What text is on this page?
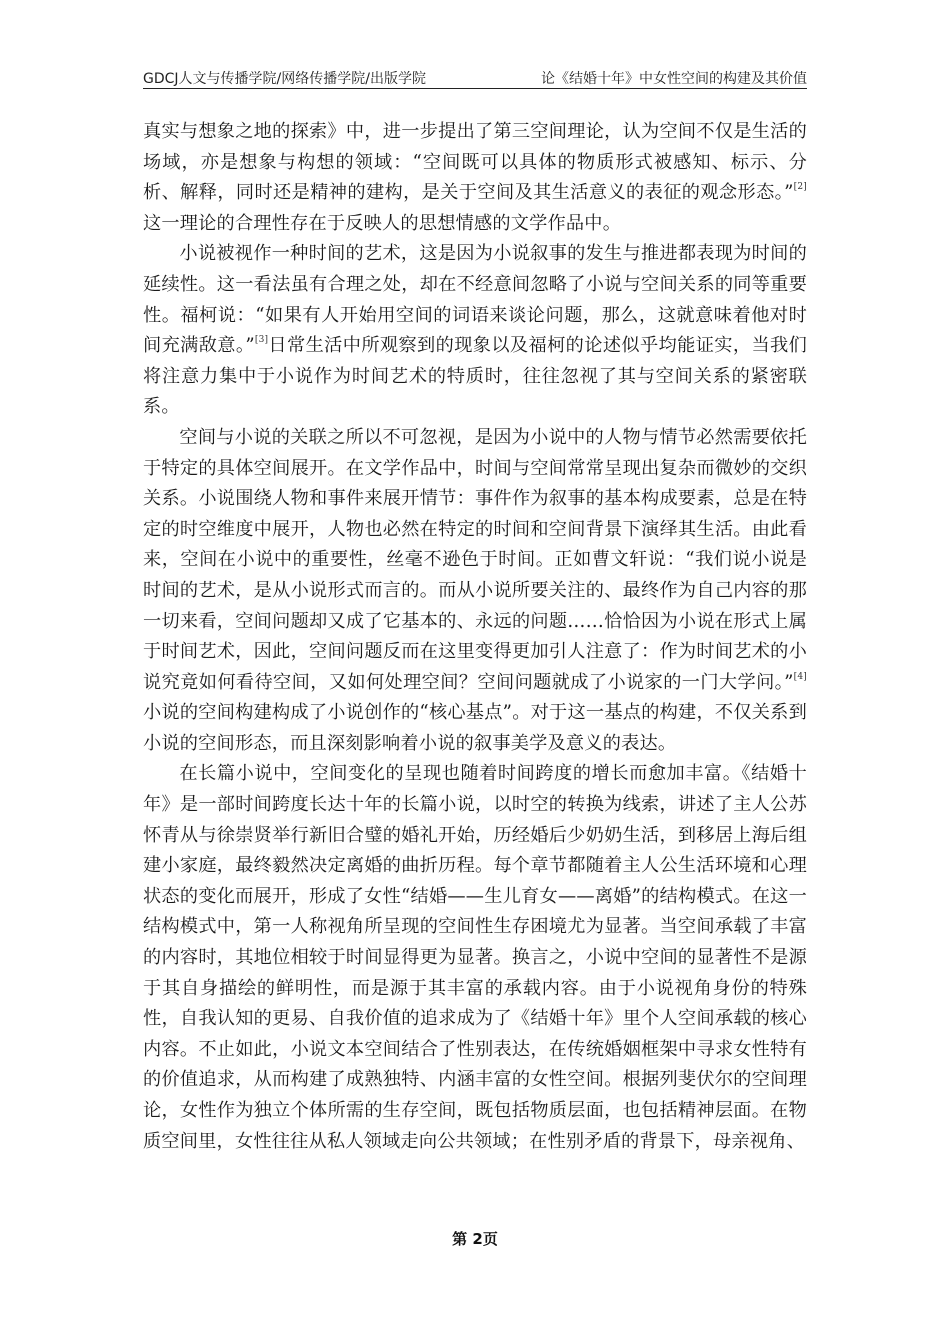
GDCJ人文与传播学院/网络传播学院/出版学院	论《结婚十年》中女性空间的构建及其价值

真实与想象之地的探索》中，进一步提出了第三空间理论，认为空间不仅是生活的场域，亦是想象与构想的领域：“空间既可以具体的物质形式被感知、标示、分析、解释，同时还是精神的建构，是关于空间及其生活意义的表征的观念形态。”[2]这一理论的合理性存在于反映人的思想情感的文学作品中。

小说被视作一种时间的艺术，这是因为小说叙事的发生与推进都表现为时间的延续性。这一看法虽有合理之处，却在不经意间忽略了小说与空间关系的同等重要性。福柯说：“如果有人开始用空间的词语来谈论问题，那么，这就意味着他对时间充满敌意。”[3]日常生活中所观察到的现象以及福柯的论述似乎均能证实，当我们将注意力集中于小说作为时间艺术的特质时，往往忽视了其与空间关系的紧密联系。

空间与小说的关联之所以不可忽视，是因为小说中的人物与情节必然需要依托于特定的具体空间展开。在文学作品中，时间与空间常常呈现出复杂而微妙的交织关系。小说围绕人物和事件来展开情节：事件作为叙事的基本构成要素，总是在特定的时空维度中展开，人物也必然在特定的时间和空间背景下演绎其生活。由此看来，空间在小说中的重要性，丝毫不逊色于时间。正如曹文轩说：“我们说小说是时间的艺术，是从小说形式而言的。而从小说所要关注的、最终作为自己内容的那一切来看，空间问题却又成了它基本的、永远的问题……恰恰因为小说在形式上属于时间艺术，因此，空间问题反而在这里变得更加引人注意了：作为时间艺术的小说究竟如何看待空间，又如何处理空间？空间问题就成了小说家的一门大学问。”[4]小说的空间构建构成了小说创作的“核心基点”。对于这一基点的构建，不仅关系到小说的空间形态，而且深刻影响着小说的叙事美学及意义的表达。

在长篇小说中，空间变化的呈现也随着时间跨度的增长而愈加丰富。《结婚十年》是一部时间跨度长达十年的长篇小说，以时空的转换为线索，讲述了主人公苏怀青从与徐崇贤举行新旧合璧的婚礼开始，历经婚后少奶奶生活，到移居上海后组建小家庭，最终毅然决定离婚的曲折历程。每个章节都随着主人公生活环境和心理状态的变化而展开，形成了女性“结婚——生儿育女——离婚”的结构模式。在这一结构模式中，第一人称视角所呈现的空间性生存困境尤为显著。当空间承载了丰富的内容时，其地位相较于时间显得更为显著。换言之，小说中空间的显著性不是源于其自身描绘的鲜明性，而是源于其丰富的承载内容。由于小说视角身份的特殊性，自我认知的更易、自我价值的追求成为了《结婚十年》里个人空间承载的核心内容。不止如此，小说文本空间结合了性别表达，在传统婚姻框架中寻求女性特有的价值追求，从而构建了成熟独特、内涵丰富的女性空间。根据列斐伏尔的空间理论，女性作为独立个体所需的生存空间，既包括物质层面，也包括精神层面。在物质空间里，女性往往从私人领域走向公共领域；在性别矛盾的背景下，母亲视角、

第 2页
